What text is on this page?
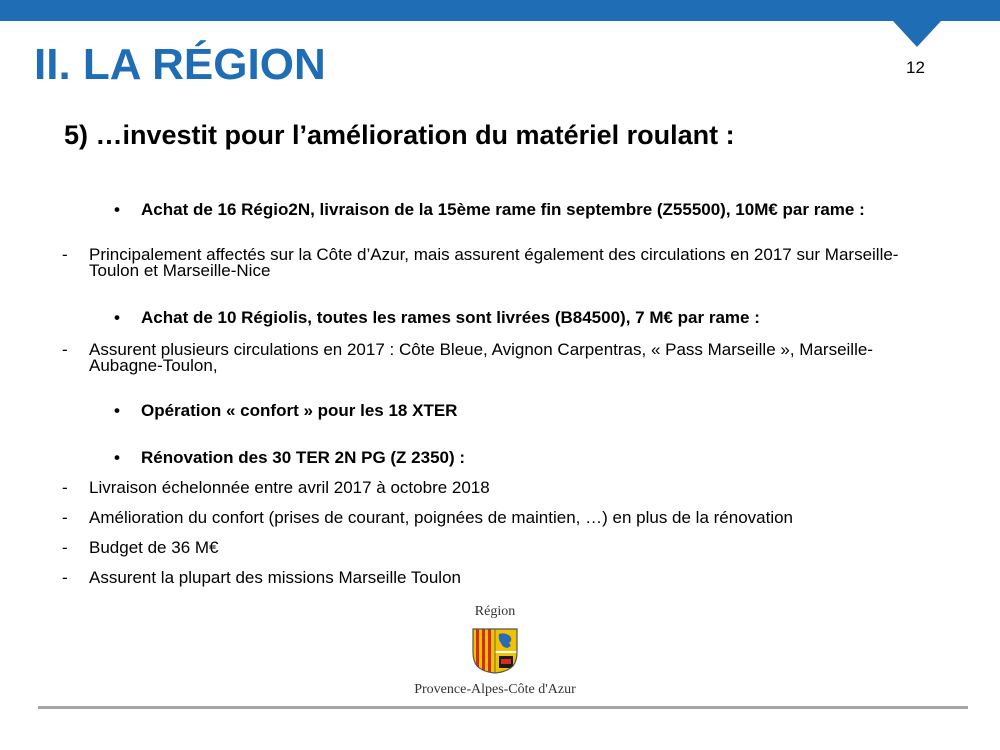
II. LA RÉGION	12
5) …investit pour l’amélioration du matériel roulant :
• Achat de 16 Régio2N, livraison de la 15ème rame fin septembre (Z55500), 10M€ par rame :
- Principalement affectés sur la Côte d’Azur, mais assurent également des circulations en 2017 sur Marseille-Toulon et Marseille-Nice
• Achat de 10 Régiolis, toutes les rames sont livrées (B84500), 7 M€ par rame :
- Assurent plusieurs circulations en 2017 : Côte Bleue, Avignon Carpentras, « Pass Marseille », Marseille-Aubagne-Toulon,
• Opération « confort » pour les 18 XTER
• Rénovation des 30 TER 2N PG (Z 2350) :
- Livraison échelonnée entre avril 2017 à octobre 2018
- Amélioration du confort (prises de courant, poignées de maintien, …) en plus de la rénovation
- Budget de 36 M€
- Assurent la plupart des missions Marseille Toulon
Région
Provence-Alpes-Côte d'Azur
